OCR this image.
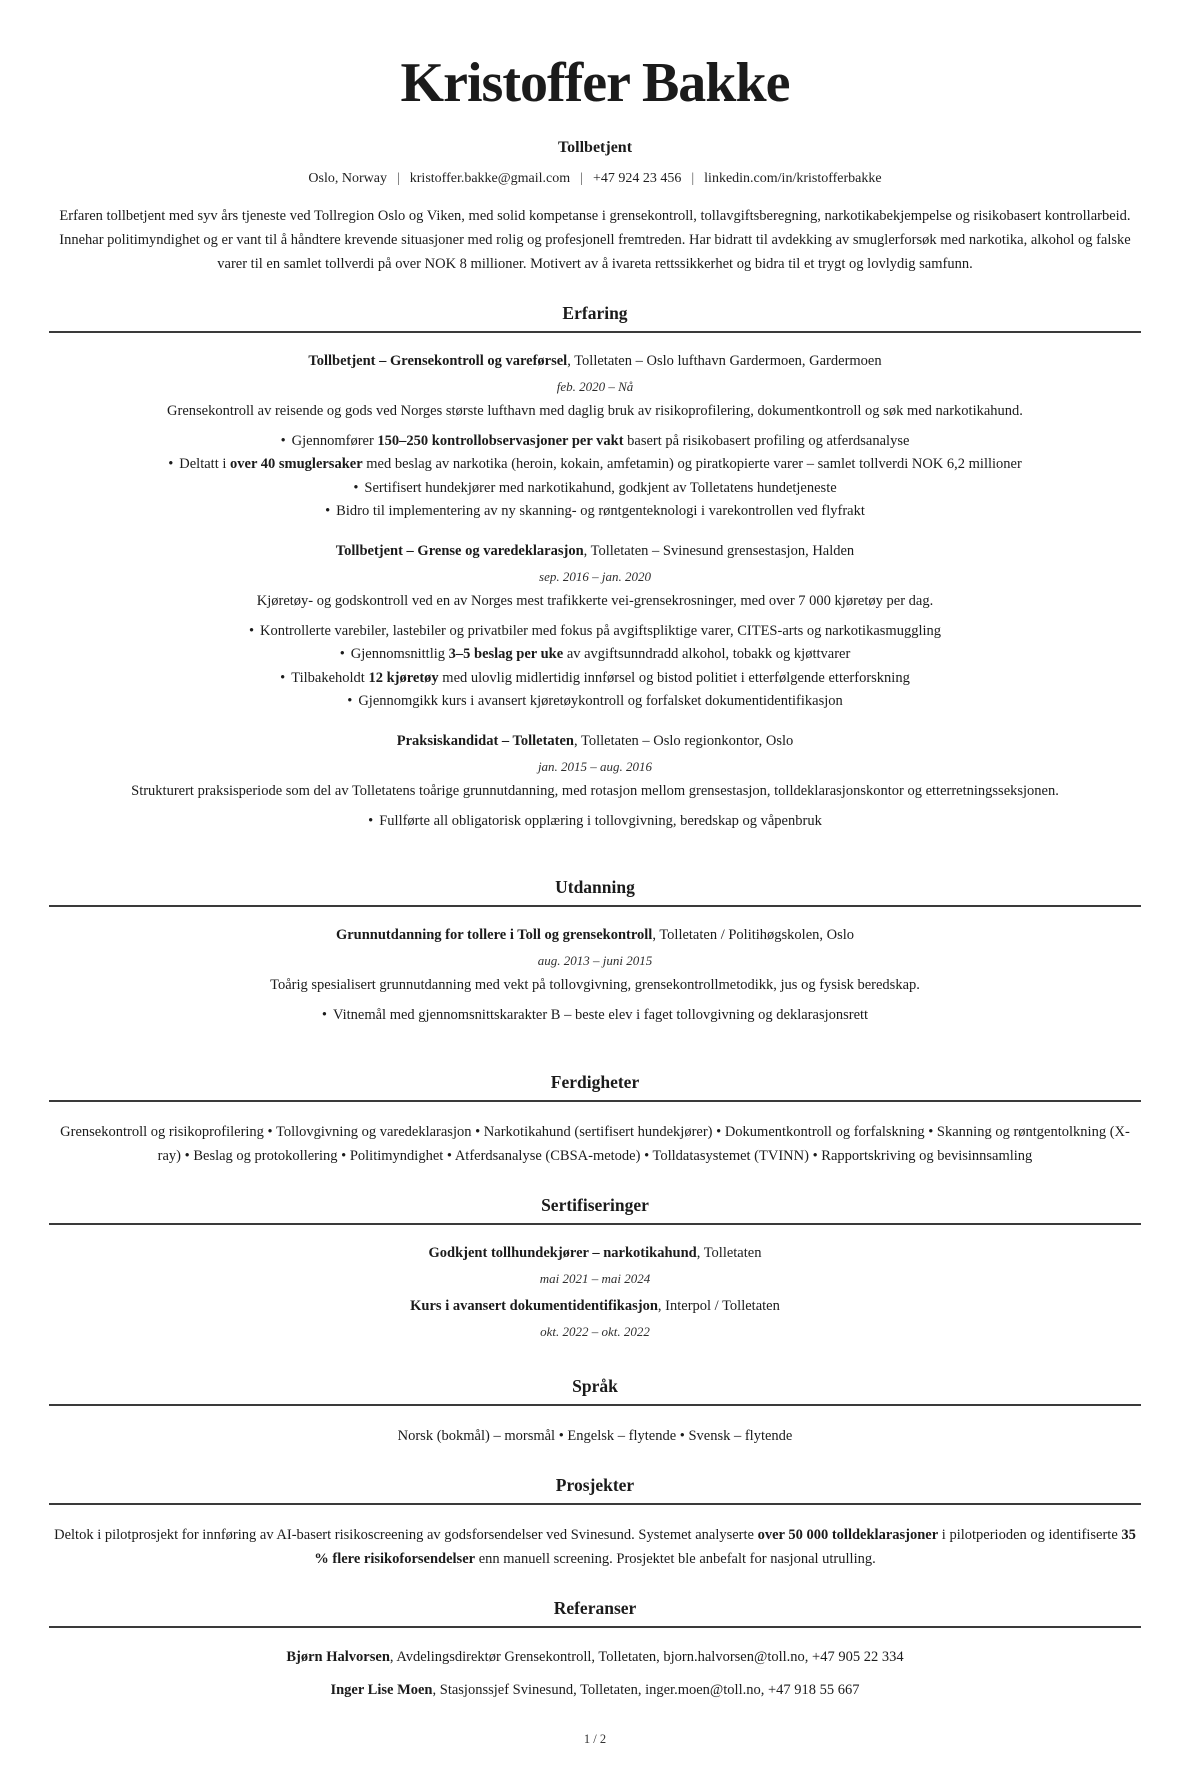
Kristoffer Bakke
Tollbetjent
Oslo, Norway | kristoffer.bakke@gmail.com | +47 924 23 456 | linkedin.com/in/kristofferbakke

Erfaren tollbetjent med syv års tjeneste ved Tollregion Oslo og Viken, med solid kompetanse i grensekontroll, tollavgiftsberegning, narkotikabekjempelse og risikobasert kontrollarbeid. Innehar politimyndighet og er vant til å håndtere krevende situasjoner med rolig og profesjonell fremtreden. Har bidratt til avdekking av smuglerforsøk med narkotika, alkohol og falske varer til en samlet tollverdi på over NOK 8 millioner. Motivert av å ivareta rettssikkerhet og bidra til et trygt og lovlydig samfunn.

Erfaring
Tollbetjent – Grensekontroll og vareførsel, Tolletaten – Oslo lufthavn Gardermoen, Gardermoen
feb. 2020 – Nå
Grensekontroll av reisende og gods ved Norges største lufthavn med daglig bruk av risikoprofilering, dokumentkontroll og søk med narkotikahund.
• Gjennomfører 150–250 kontrollobservasjoner per vakt basert på risikobasert profiling og atferdsanalyse
• Deltatt i over 40 smuglersaker med beslag av narkotika (heroin, kokain, amfetamin) og piratkopierte varer – samlet tollverdi NOK 6,2 millioner
• Sertifisert hundekjører med narkotikahund, godkjent av Tolletatens hundetjeneste
• Bidro til implementering av ny skanning- og røntgenteknologi i varekontrollen ved flyfrakt
Tollbetjent – Grense og varedeklarasjon, Tolletaten – Svinesund grensestasjon, Halden
sep. 2016 – jan. 2020
Kjøretøy- og godskontroll ved en av Norges mest trafikkerte vei-grensekrosninger, med over 7 000 kjøretøy per dag.
• Kontrollerte varebiler, lastebiler og privatbiler med fokus på avgiftspliktige varer, CITES-arts og narkotikasmuggling
• Gjennomsnittlig 3–5 beslag per uke av avgiftsunndradd alkohol, tobakk og kjøttvarer
• Tilbakeholdt 12 kjøretøy med ulovlig midlertidig innførsel og bistod politiet i etterfølgende etterforskning
• Gjennomgikk kurs i avansert kjøretøykontroll og forfalsket dokumentidentifikasjon
Praksiskandidat – Tolletaten, Tolletaten – Oslo regionkontor, Oslo
jan. 2015 – aug. 2016
Strukturert praksisperiode som del av Tolletatens toårige grunnutdanning, med rotasjon mellom grensestasjon, tolldeklarasjonskontor og etterretningsseksjonen.
• Fullførte all obligatorisk opplæring i tollovgivning, beredskap og våpenbruk
Utdanning
Grunnutdanning for tollere i Toll og grensekontroll, Tolletaten / Politihøgskolen, Oslo
aug. 2013 – juni 2015
Toårig spesialisert grunnutdanning med vekt på tollovgivning, grensekontrollmetodikk, jus og fysisk beredskap.
• Vitnemål med gjennomsnittskarakter B – beste elev i faget tollovgivning og deklarasjonsrett
Ferdigheter
Grensekontroll og risikoprofilering • Tollovgivning og varedeklarasjon • Narkotikahund (sertifisert hundekjører) • Dokumentkontroll og forfalskning • Skanning og røntgentolkning (X-ray) • Beslag og protokollering • Politimyndighet • Atferdsanalyse (CBSA-metode) • Tolldatasystemet (TVINN) • Rapportskriving og bevisinnsamling
Sertifiseringer
Godkjent tollhundekjører – narkotikahund, Tolletaten
mai 2021 – mai 2024
Kurs i avansert dokumentidentifikasjon, Interpol / Tolletaten
okt. 2022 – okt. 2022
Språk
Norsk (bokmål) – morsmål • Engelsk – flytende • Svensk – flytende
Prosjekter

Deltok i pilotprosjekt for innføring av AI-basert risikoscreening av godsforsendelser ved Svinesund. Systemet analyserte over 50 000 tolldeklarasjoner i pilotperioden og identifiserte 35 % flere risikoforsendelser enn manuell screening. Prosjektet ble anbefalt for nasjonal utrulling.

Referanser
Bjørn Halvorsen, Avdelingsdirektør Grensekontroll, Tolletaten, bjorn.halvorsen@toll.no, +47 905 22 334
Inger Lise Moen, Stasjonssjef Svinesund, Tolletaten, inger.moen@toll.no, +47 918 55 667
1 / 2
